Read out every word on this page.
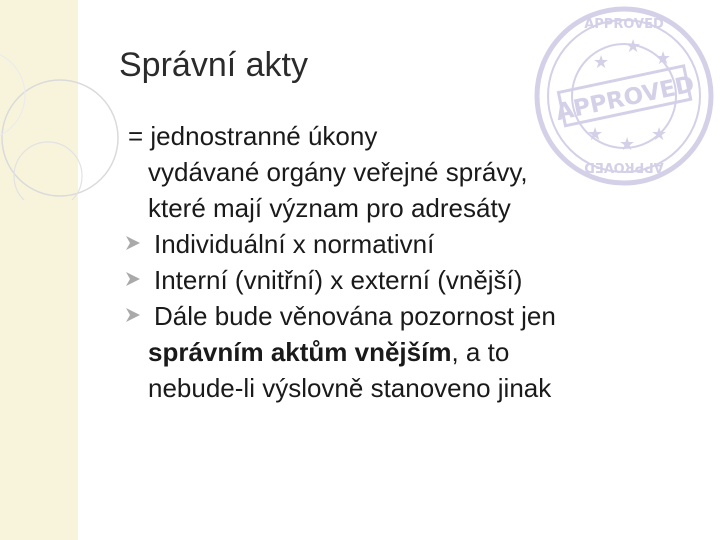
APPROVED
APPROVED
APPROVED
★
★
★
★ ★ ★
Správní akty
= jednostranné úkony
vydávané orgány veřejné správy,
které mají význam pro adresáty
Individuální x normativní
Interní (vnitřní) x externí (vnější)
Dále bude věnována pozornost jen
správním aktům vnějším, a to
nebude-li výslovně stanoveno jinak
